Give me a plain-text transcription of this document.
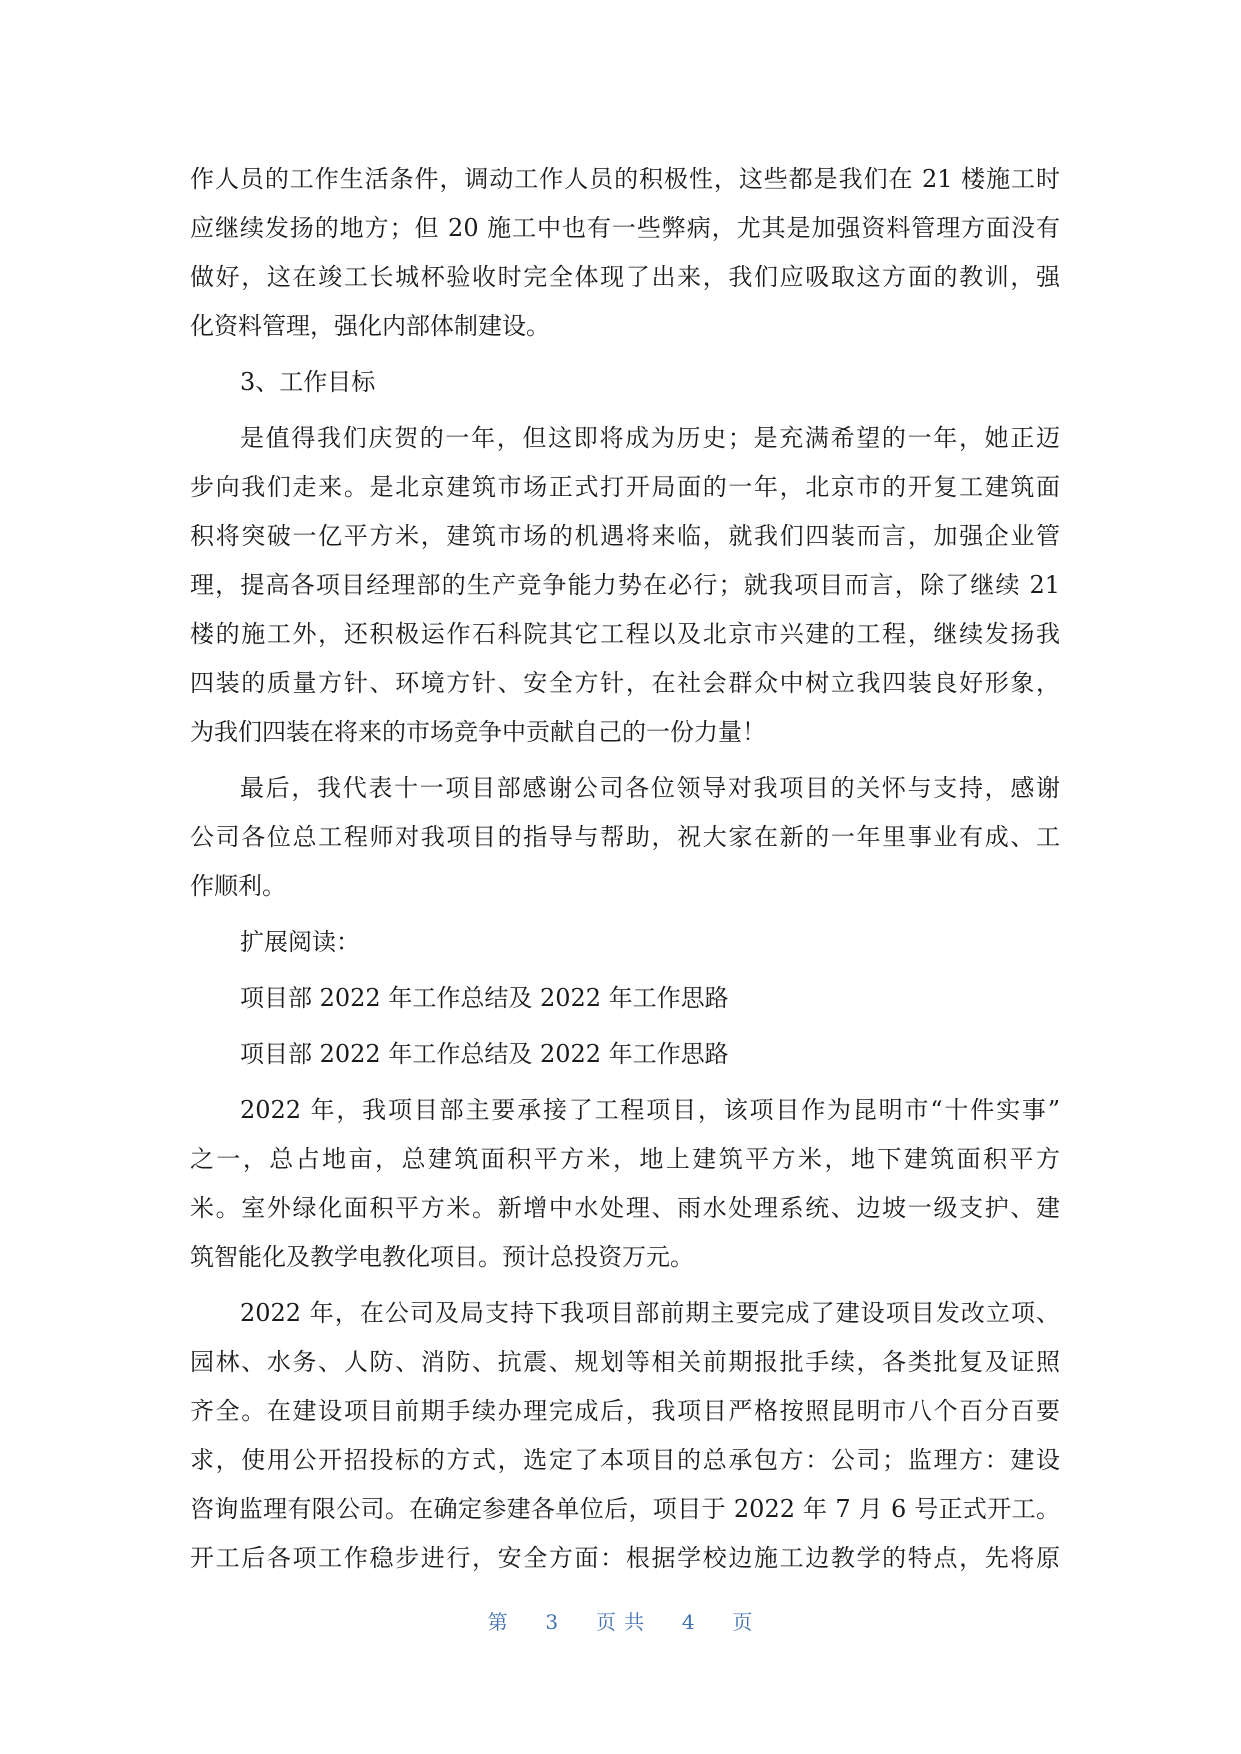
作人员的工作生活条件，调动工作人员的积极性，这些都是我们在 21 楼施工时
应继续发扬的地方；但 20 施工中也有一些弊病，尤其是加强资料管理方面没有
做好，这在竣工长城杯验收时完全体现了出来，我们应吸取这方面的教训，强
化资料管理，强化内部体制建设。
3、工作目标
是值得我们庆贺的一年，但这即将成为历史；是充满希望的一年，她正迈
步向我们走来。是北京建筑市场正式打开局面的一年，北京市的开复工建筑面
积将突破一亿平方米，建筑市场的机遇将来临，就我们四装而言，加强企业管
理，提高各项目经理部的生产竞争能力势在必行；就我项目而言，除了继续 21
楼的施工外，还积极运作石科院其它工程以及北京市兴建的工程，继续发扬我
四装的质量方针、环境方针、安全方针，在社会群众中树立我四装良好形象，
为我们四装在将来的市场竞争中贡献自己的一份力量！
最后，我代表十一项目部感谢公司各位领导对我项目的关怀与支持，感谢
公司各位总工程师对我项目的指导与帮助，祝大家在新的一年里事业有成、工
作顺利。
扩展阅读：
项目部 2022 年工作总结及 2022 年工作思路
项目部 2022 年工作总结及 2022 年工作思路
2022 年，我项目部主要承接了工程项目，该项目作为昆明市“十件实事”
之一，总占地亩，总建筑面积平方米，地上建筑平方米，地下建筑面积平方
米。室外绿化面积平方米。新增中水处理、雨水处理系统、边坡一级支护、建
筑智能化及教学电教化项目。预计总投资万元。
2022 年，在公司及局支持下我项目部前期主要完成了建设项目发改立项、
园林、水务、人防、消防、抗震、规划等相关前期报批手续，各类批复及证照
齐全。在建设项目前期手续办理完成后，我项目严格按照昆明市八个百分百要
求，使用公开招投标的方式，选定了本项目的总承包方：公司；监理方：建设
咨询监理有限公司。在确定参建各单位后，项目于 2022 年 7 月 6 号正式开工。
开工后各项工作稳步进行，安全方面：根据学校边施工边教学的特点，先将原
第 3 页 共 4 页
